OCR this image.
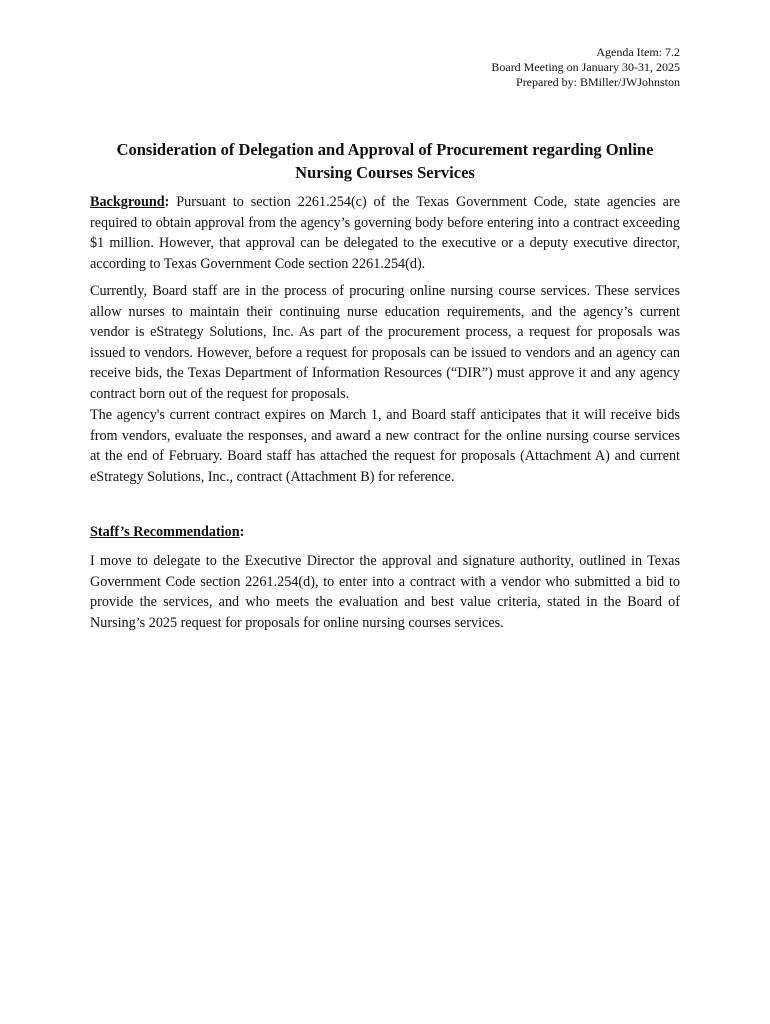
Agenda Item: 7.2
Board Meeting on January 30-31, 2025
Prepared by: BMiller/JWJohnston
Consideration of Delegation and Approval of Procurement regarding Online Nursing Courses Services

Background: Pursuant to section 2261.254(c) of the Texas Government Code, state agencies are required to obtain approval from the agency’s governing body before entering into a contract exceeding $1 million. However, that approval can be delegated to the executive or a deputy executive director, according to Texas Government Code section 2261.254(d).

Currently, Board staff are in the process of procuring online nursing course services. These services allow nurses to maintain their continuing nurse education requirements, and the agency’s current vendor is eStrategy Solutions, Inc. As part of the procurement process, a request for proposals was issued to vendors. However, before a request for proposals can be issued to vendors and an agency can receive bids, the Texas Department of Information Resources (“DIR”) must approve it and any agency contract born out of the request for proposals.

The agency's current contract expires on March 1, and Board staff anticipates that it will receive bids from vendors, evaluate the responses, and award a new contract for the online nursing course services at the end of February. Board staff has attached the request for proposals (Attachment A) and current eStrategy Solutions, Inc., contract (Attachment B) for reference.

Staff’s Recommendation:

I move to delegate to the Executive Director the approval and signature authority, outlined in Texas Government Code section 2261.254(d), to enter into a contract with a vendor who submitted a bid to provide the services, and who meets the evaluation and best value criteria, stated in the Board of Nursing’s 2025 request for proposals for online nursing courses services.
